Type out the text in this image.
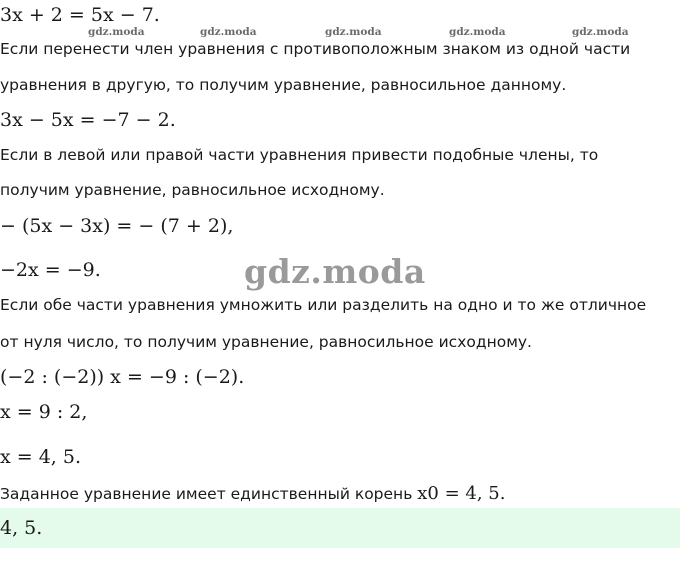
gdz.moda	gdz.moda	gdz.moda	gdz.moda	gdz.moda
3x + 2 = 5x − 7.
Если перенести член уравнения с противоположным знаком из одной части
уравнения в другую, то получим уравнение, равносильное данному.
3x − 5x = −7 − 2.
Если в левой или правой части уравнения привести подобные члены, то
получим уравнение, равносильное исходному.
− (5x − 3x) = − (7 + 2),
gdz.moda
−2x = −9.
Если обе части уравнения умножить или разделить на одно и то же отличное
от нуля число, то получим уравнение, равносильное исходному.
(−2 : (−2)) x = −9 : (−2).
x = 9 : 2,
x = 4, 5.
Заданное уравнение имеет единственный корень x0 = 4, 5.
4, 5.
